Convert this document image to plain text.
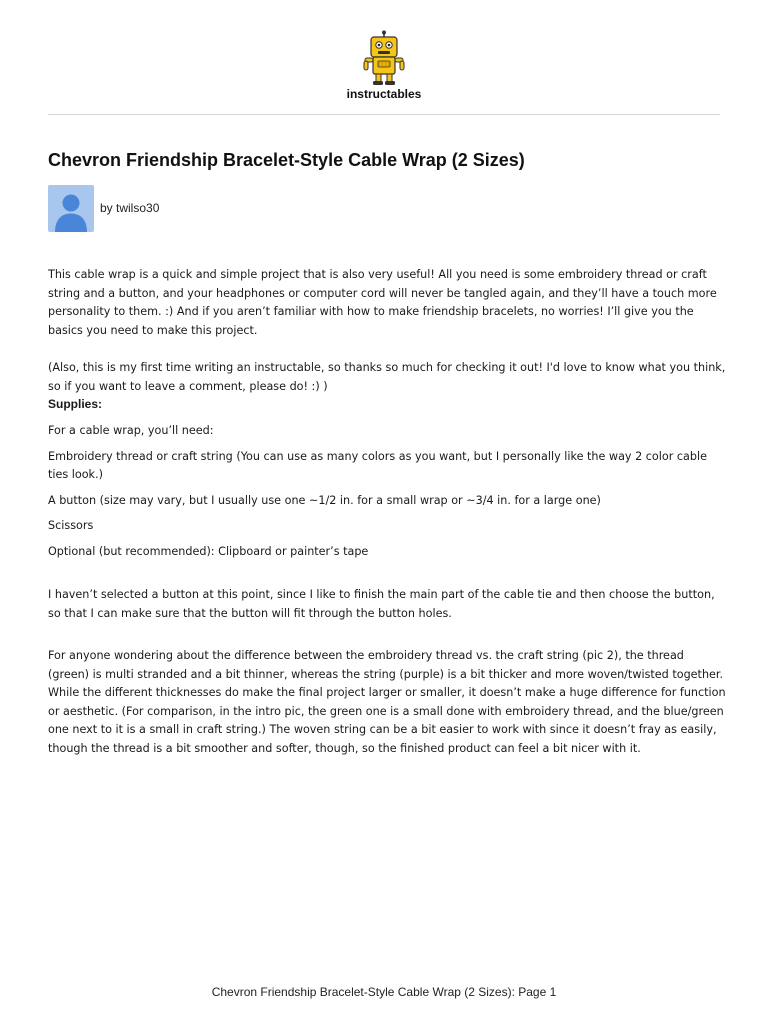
instructables
Chevron Friendship Bracelet-Style Cable Wrap (2 Sizes)
by twilso30

This cable wrap is a quick and simple project that is also very useful! All you need is some embroidery thread or craft string and a button, and your headphones or computer cord will never be tangled again, and they’ll have a touch more personality to them. :) And if you aren’t familiar with how to make friendship bracelets, no worries! I’ll give you the basics you need to make this project.

(Also, this is my first time writing an instructable, so thanks so much for checking it out! I'd love to know what you think, so if you want to leave a comment, please do! :) )

Supplies:

For a cable wrap, you’ll need:

Embroidery thread or craft string (You can use as many colors as you want, but I personally like the way 2 color cable ties look.)

A button (size may vary, but I usually use one ~1/2 in. for a small wrap or ~3/4 in. for a large one)

Scissors

Optional (but recommended): Clipboard or painter’s tape

I haven’t selected a button at this point, since I like to finish the main part of the cable tie and then choose the button, so that I can make sure that the button will fit through the button holes.

For anyone wondering about the difference between the embroidery thread vs. the craft string (pic 2), the thread (green) is multi stranded and a bit thinner, whereas the string (purple) is a bit thicker and more woven/twisted together. While the different thicknesses do make the final project larger or smaller, it doesn’t make a huge difference for function or aesthetic. (For comparison, in the intro pic, the green one is a small done with embroidery thread, and the blue/green one next to it is a small in craft string.) The woven string can be a bit easier to work with since it doesn’t fray as easily, though the thread is a bit smoother and softer, though, so the finished product can feel a bit nicer with it.

Chevron Friendship Bracelet-Style Cable Wrap (2 Sizes): Page 1
